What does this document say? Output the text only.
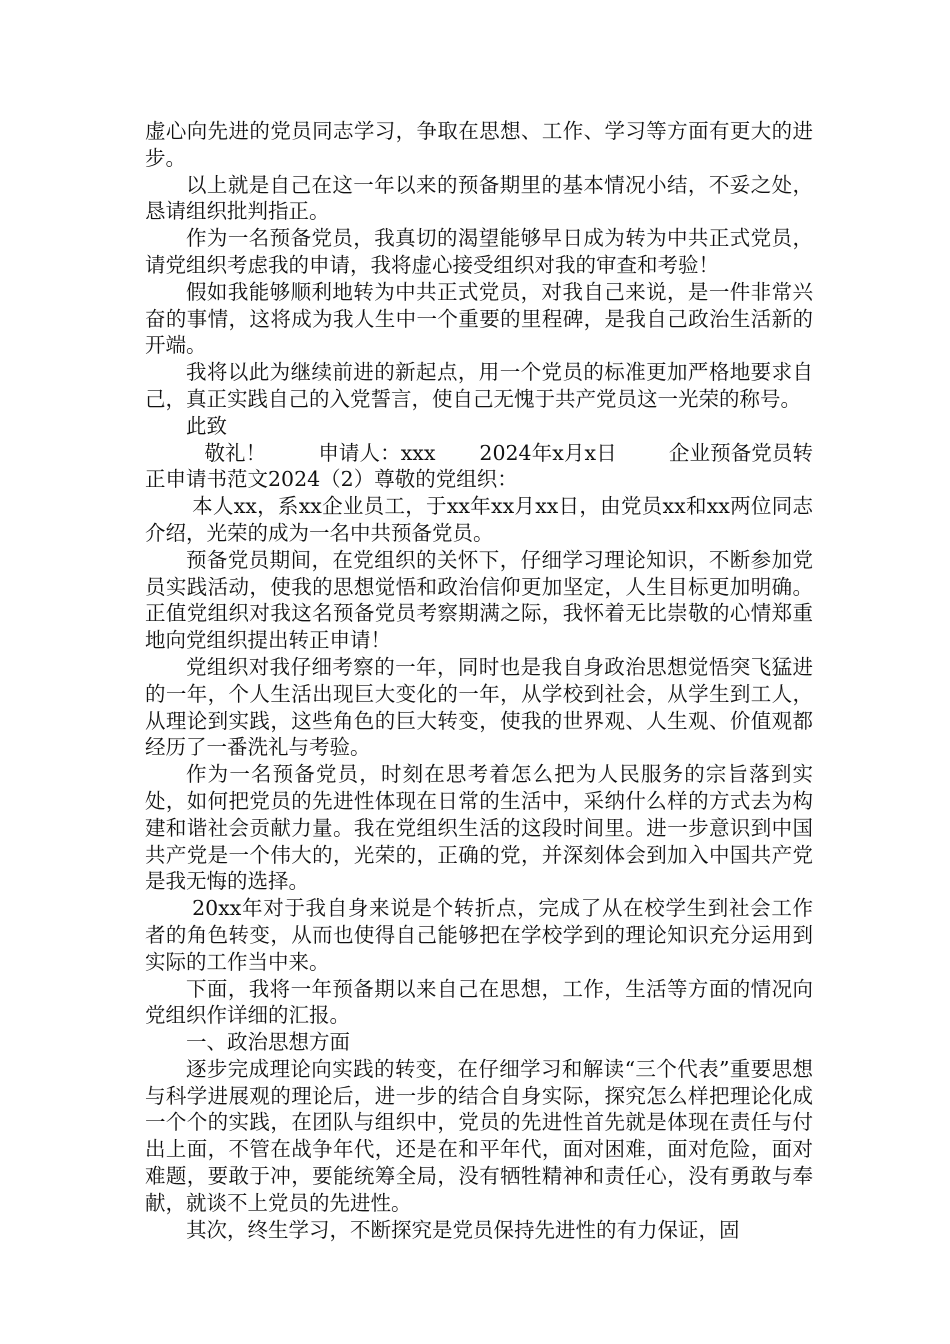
虚心向先进的党员同志学习，争取在思想、工作、学习等方面有更大的进步。

以上就是自己在这一年以来的预备期里的基本情况小结，不妥之处，恳请组织批判指正。

作为一名预备党员，我真切的渴望能够早日成为转为中共正式党员，请党组织考虑我的申请，我将虚心接受组织对我的审查和考验！

假如我能够顺利地转为中共正式党员，对我自己来说，是一件非常兴奋的事情，这将成为我人生中一个重要的里程碑，是我自己政治生活新的开端。

我将以此为继续前进的新起点，用一个党员的标准更加严格地要求自己，真正实践自己的入党誓言，使自己无愧于共产党员这一光荣的称号。

此致

敬礼！	申请人：xxx 2024年x月x日	企业预备党员转正申请书范文2024（2）尊敬的党组织：

本人xx，系xx企业员工，于xx年xx月xx日，由党员xx和xx两位同志介绍，光荣的成为一名中共预备党员。

预备党员期间，在党组织的关怀下，仔细学习理论知识，不断参加党员实践活动，使我的思想觉悟和政治信仰更加坚定，人生目标更加明确。正值党组织对我这名预备党员考察期满之际，我怀着无比崇敬的心情郑重地向党组织提出转正申请！

党组织对我仔细考察的一年，同时也是我自身政治思想觉悟突飞猛进的一年，个人生活出现巨大变化的一年，从学校到社会，从学生到工人，从理论到实践，这些角色的巨大转变，使我的世界观、人生观、价值观都经历了一番洗礼与考验。

作为一名预备党员，时刻在思考着怎么把为人民服务的宗旨落到实处，如何把党员的先进性体现在日常的生活中，采纳什么样的方式去为构建和谐社会贡献力量。我在党组织生活的这段时间里。进一步意识到中国共产党是一个伟大的，光荣的，正确的党，并深刻体会到加入中国共产党是我无悔的选择。

20xx年对于我自身来说是个转折点，完成了从在校学生到社会工作者的角色转变，从而也使得自己能够把在学校学到的理论知识充分运用到实际的工作当中来。

下面，我将一年预备期以来自己在思想，工作，生活等方面的情况向党组织作详细的汇报。

一、政治思想方面

逐步完成理论向实践的转变，在仔细学习和解读“三个代表”重要思想与科学进展观的理论后，进一步的结合自身实际，探究怎么样把理论化成一个个的实践，在团队与组织中，党员的先进性首先就是体现在责任与付出上面，不管在战争年代，还是在和平年代，面对困难，面对危险，面对难题，要敢于冲，要能统筹全局，没有牺牲精神和责任心，没有勇敢与奉献，就谈不上党员的先进性。

其次，终生学习，不断探究是党员保持先进性的有力保证，固
